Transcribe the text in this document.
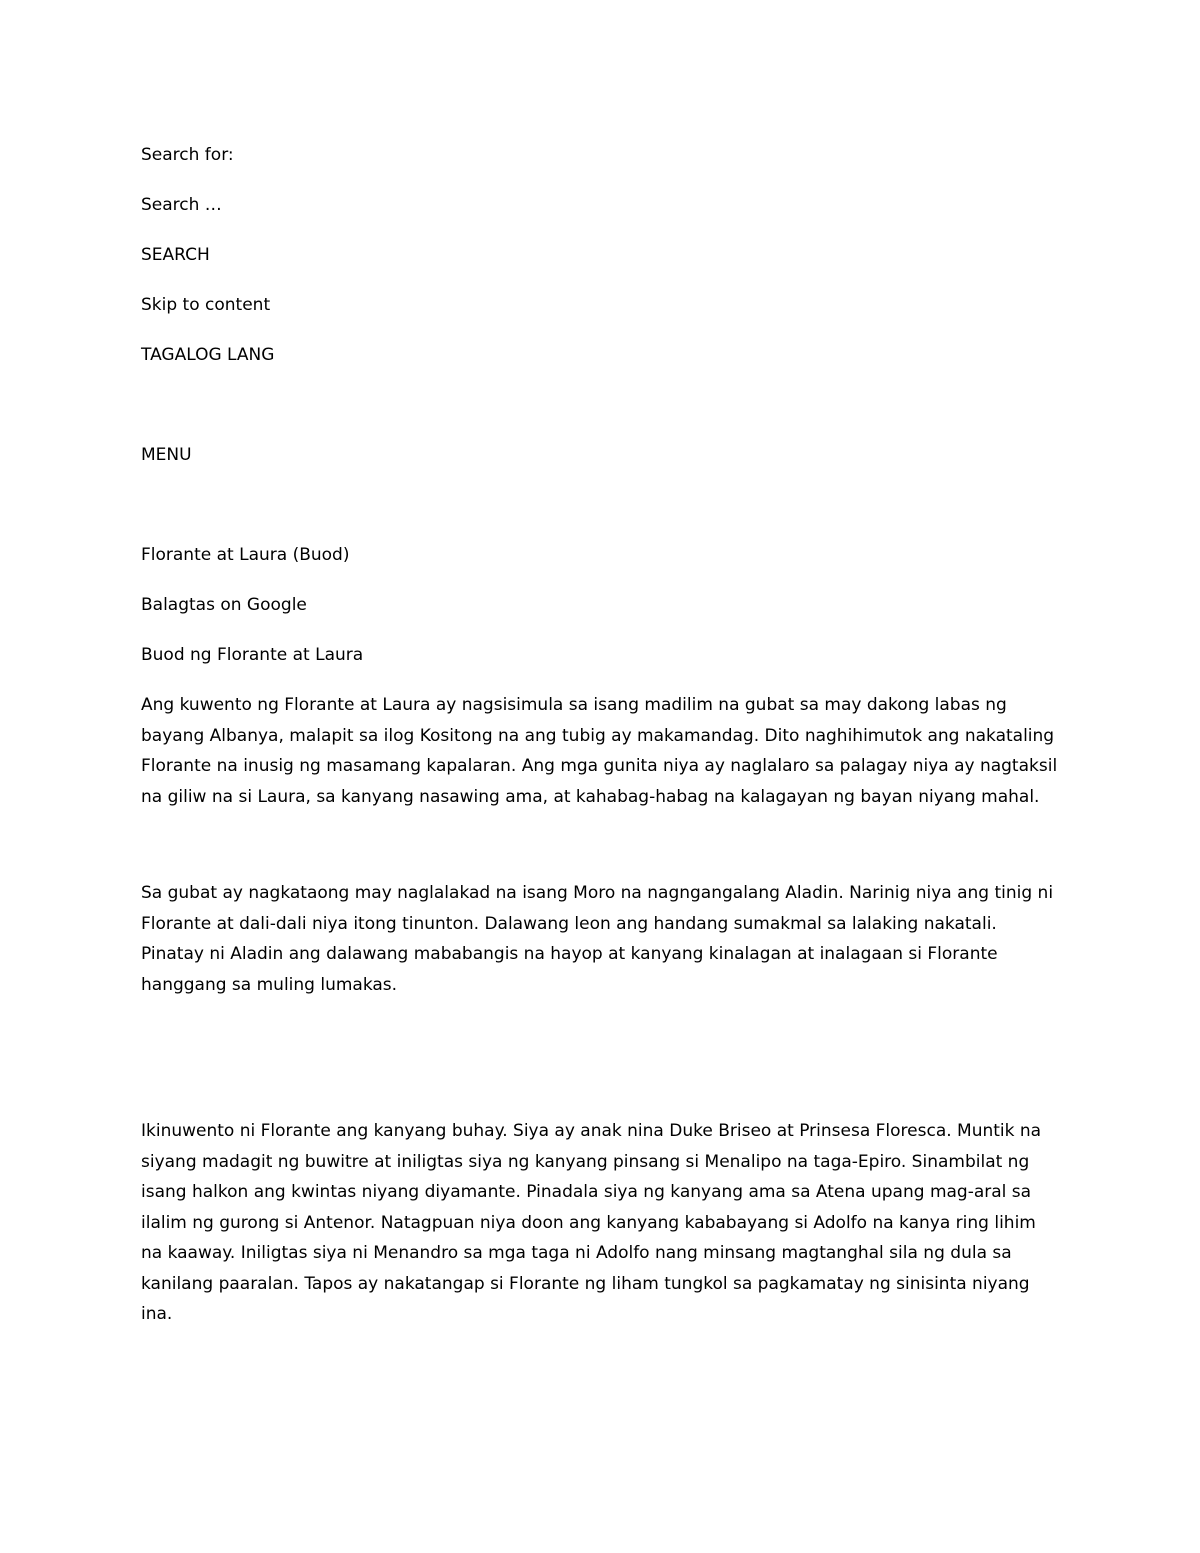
Search for:
Search …
SEARCH
Skip to content
TAGALOG LANG
MENU
Florante at Laura (Buod)
Balagtas on Google
Buod ng Florante at Laura

Ang kuwento ng Florante at Laura ay nagsisimula sa isang madilim na gubat sa may dakong labas ng bayang Albanya, malapit sa ilog Kositong na ang tubig ay makamandag. Dito naghihimutok ang nakataling Florante na inusig ng masamang kapalaran. Ang mga gunita niya ay naglalaro sa palagay niya ay nagtaksil na giliw na si Laura, sa kanyang nasawing ama, at kahabag-habag na kalagayan ng bayan niyang mahal.

Sa gubat ay nagkataong may naglalakad na isang Moro na nagngangalang Aladin. Narinig niya ang tinig ni Florante at dali-dali niya itong tinunton. Dalawang leon ang handang sumakmal sa lalaking nakatali. Pinatay ni Aladin ang dalawang mababangis na hayop at kanyang kinalagan at inalagaan si Florante hanggang sa muling lumakas.

Ikinuwento ni Florante ang kanyang buhay. Siya ay anak nina Duke Briseo at Prinsesa Floresca. Muntik na siyang madagit ng buwitre at iniligtas siya ng kanyang pinsang si Menalipo na taga-Epiro. Sinambilat ng isang halkon ang kwintas niyang diyamante. Pinadala siya ng kanyang ama sa Atena upang mag-aral sa ilalim ng gurong si Antenor. Natagpuan niya doon ang kanyang kababayang si Adolfo na kanya ring lihim na kaaway. Iniligtas siya ni Menandro sa mga taga ni Adolfo nang minsang magtanghal sila ng dula sa kanilang paaralan. Tapos ay nakatangap si Florante ng liham tungkol sa pagkamatay ng sinisinta niyang ina.
